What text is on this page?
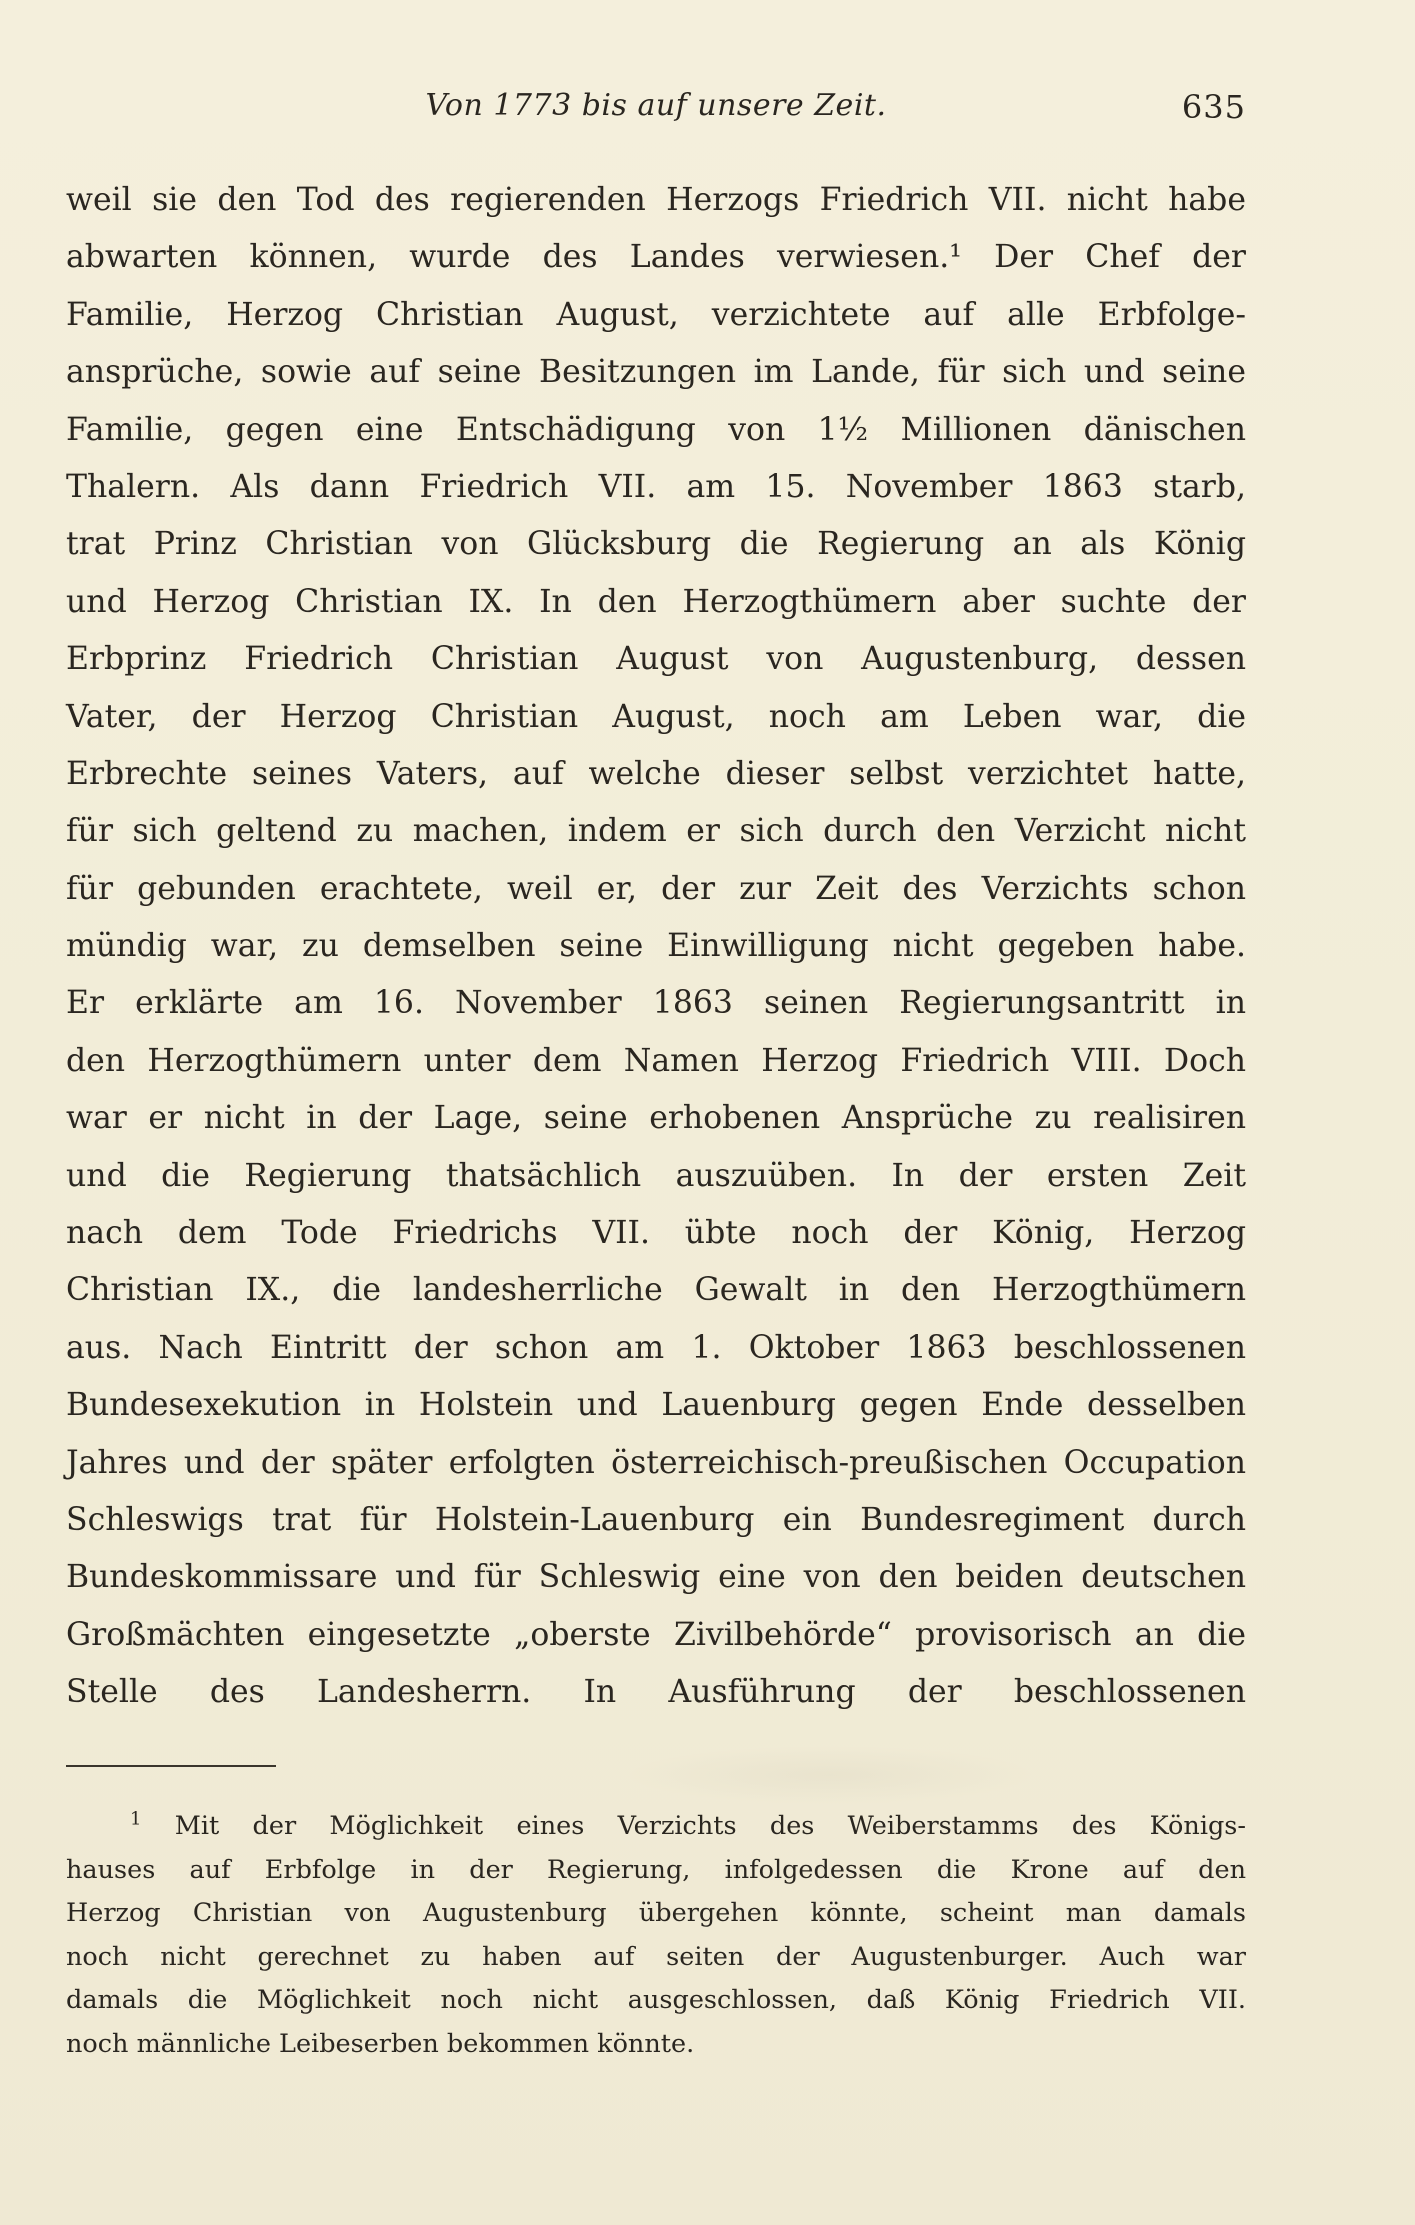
Von 1773 bis auf unsere Zeit.	635
weil sie den Tod des regierenden Herzogs Friedrich VII. nicht habe
abwarten können, wurde des Landes verwiesen.¹ Der Chef der
Familie, Herzog Christian August, verzichtete auf alle Erbfolge-
ansprüche, sowie auf seine Besitzungen im Lande, für sich und seine
Familie, gegen eine Entschädigung von 1½ Millionen dänischen
Thalern. Als dann Friedrich VII. am 15. November 1863 starb,
trat Prinz Christian von Glücksburg die Regierung an als König
und Herzog Christian IX. In den Herzogthümern aber suchte der
Erbprinz Friedrich Christian August von Augustenburg, dessen
Vater, der Herzog Christian August, noch am Leben war, die
Erbrechte seines Vaters, auf welche dieser selbst verzichtet hatte,
für sich geltend zu machen, indem er sich durch den Verzicht nicht
für gebunden erachtete, weil er, der zur Zeit des Verzichts schon
mündig war, zu demselben seine Einwilligung nicht gegeben habe.
Er erklärte am 16. November 1863 seinen Regierungsantritt in
den Herzogthümern unter dem Namen Herzog Friedrich VIII. Doch
war er nicht in der Lage, seine erhobenen Ansprüche zu realisiren
und die Regierung thatsächlich auszuüben. In der ersten Zeit
nach dem Tode Friedrichs VII. übte noch der König, Herzog
Christian IX., die landesherrliche Gewalt in den Herzogthümern
aus. Nach Eintritt der schon am 1. Oktober 1863 beschlossenen
Bundesexekution in Holstein und Lauenburg gegen Ende desselben
Jahres und der später erfolgten österreichisch-preußischen Occupation
Schleswigs trat für Holstein-Lauenburg ein Bundesregiment durch
Bundeskommissare und für Schleswig eine von den beiden deutschen
Großmächten eingesetzte „oberste Zivilbehörde“ provisorisch an die
Stelle des Landesherrn. In Ausführung der beschlossenen
$^1$ Mit der Möglichkeit eines Verzichts des Weiberstamms des Königs-
hauses auf Erbfolge in der Regierung, infolgedessen die Krone auf den
Herzog Christian von Augustenburg übergehen könnte, scheint man damals
noch nicht gerechnet zu haben auf seiten der Augustenburger. Auch war
damals die Möglichkeit noch nicht ausgeschlossen, daß König Friedrich VII.
noch männliche Leibeserben bekommen könnte.
